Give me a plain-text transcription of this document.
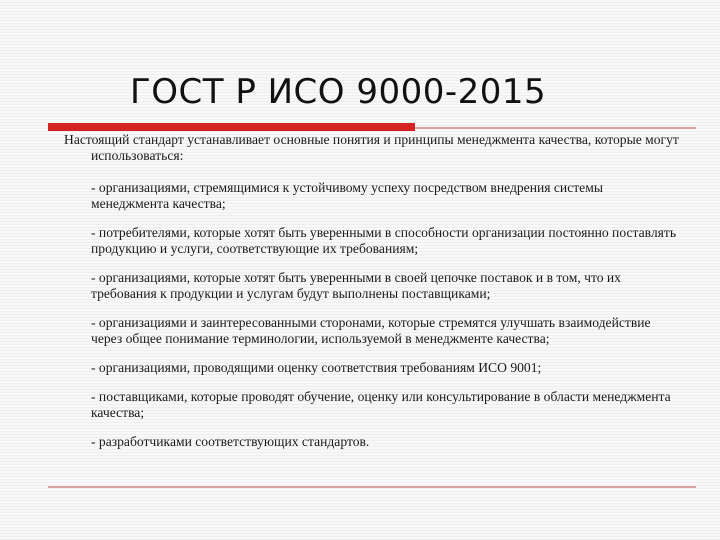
ГОСТ Р ИСО 9000-2015

Настоящий стандарт устанавливает основные понятия и принципы менеджмента качества, которые могут использоваться:

- организациями, стремящимися к устойчивому успеху посредством внедрения системы менеджмента качества;

- потребителями, которые хотят быть уверенными в способности организации постоянно поставлять продукцию и услуги, соответствующие их требованиям;

- организациями, которые хотят быть уверенными в своей цепочке поставок и в том, что их требования к продукции и услугам будут выполнены поставщиками;

- организациями и заинтересованными сторонами, которые стремятся улучшать взаимодействие через общее понимание терминологии, используемой в менеджменте качества;

- организациями, проводящими оценку соответствия требованиям ИСО 9001;

- поставщиками, которые проводят обучение, оценку или консультирование в области менеджмента качества;

- разработчиками соответствующих стандартов.
